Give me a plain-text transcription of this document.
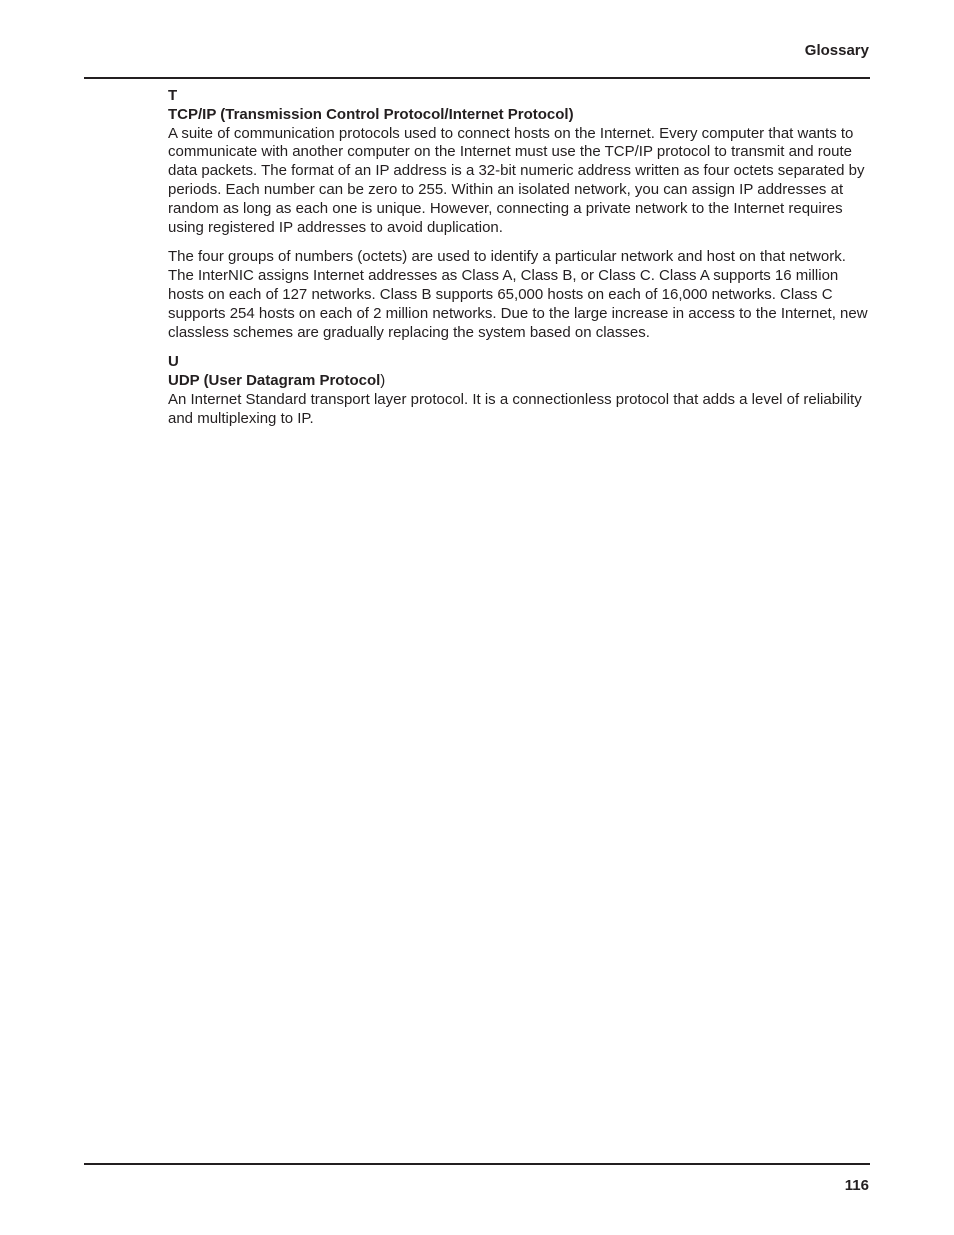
Glossary
T
TCP/IP (Transmission Control Protocol/Internet Protocol)

A suite of communication protocols used to connect hosts on the Internet. Every computer that wants to communicate with another computer on the Internet must use the TCP/IP protocol to transmit and route data packets. The format of an IP address is a 32-bit numeric address written as four octets separated by periods. Each number can be zero to 255. Within an isolated network, you can assign IP addresses at random as long as each one is unique. However, connecting a private network to the Internet requires using registered IP addresses to avoid duplication.

The four groups of numbers (octets) are used to identify a particular network and host on that network. The InterNIC assigns Internet addresses as Class A, Class B, or Class C. Class A supports 16 million hosts on each of 127 networks. Class B supports 65,000 hosts on each of 16,000 networks. Class C supports 254 hosts on each of 2 million networks. Due to the large increase in access to the Internet, new classless schemes are gradually replacing the system based on classes.

U
UDP (User Datagram Protocol)

An Internet Standard transport layer protocol. It is a connectionless protocol that adds a level of reliability and multiplexing to IP.

116
